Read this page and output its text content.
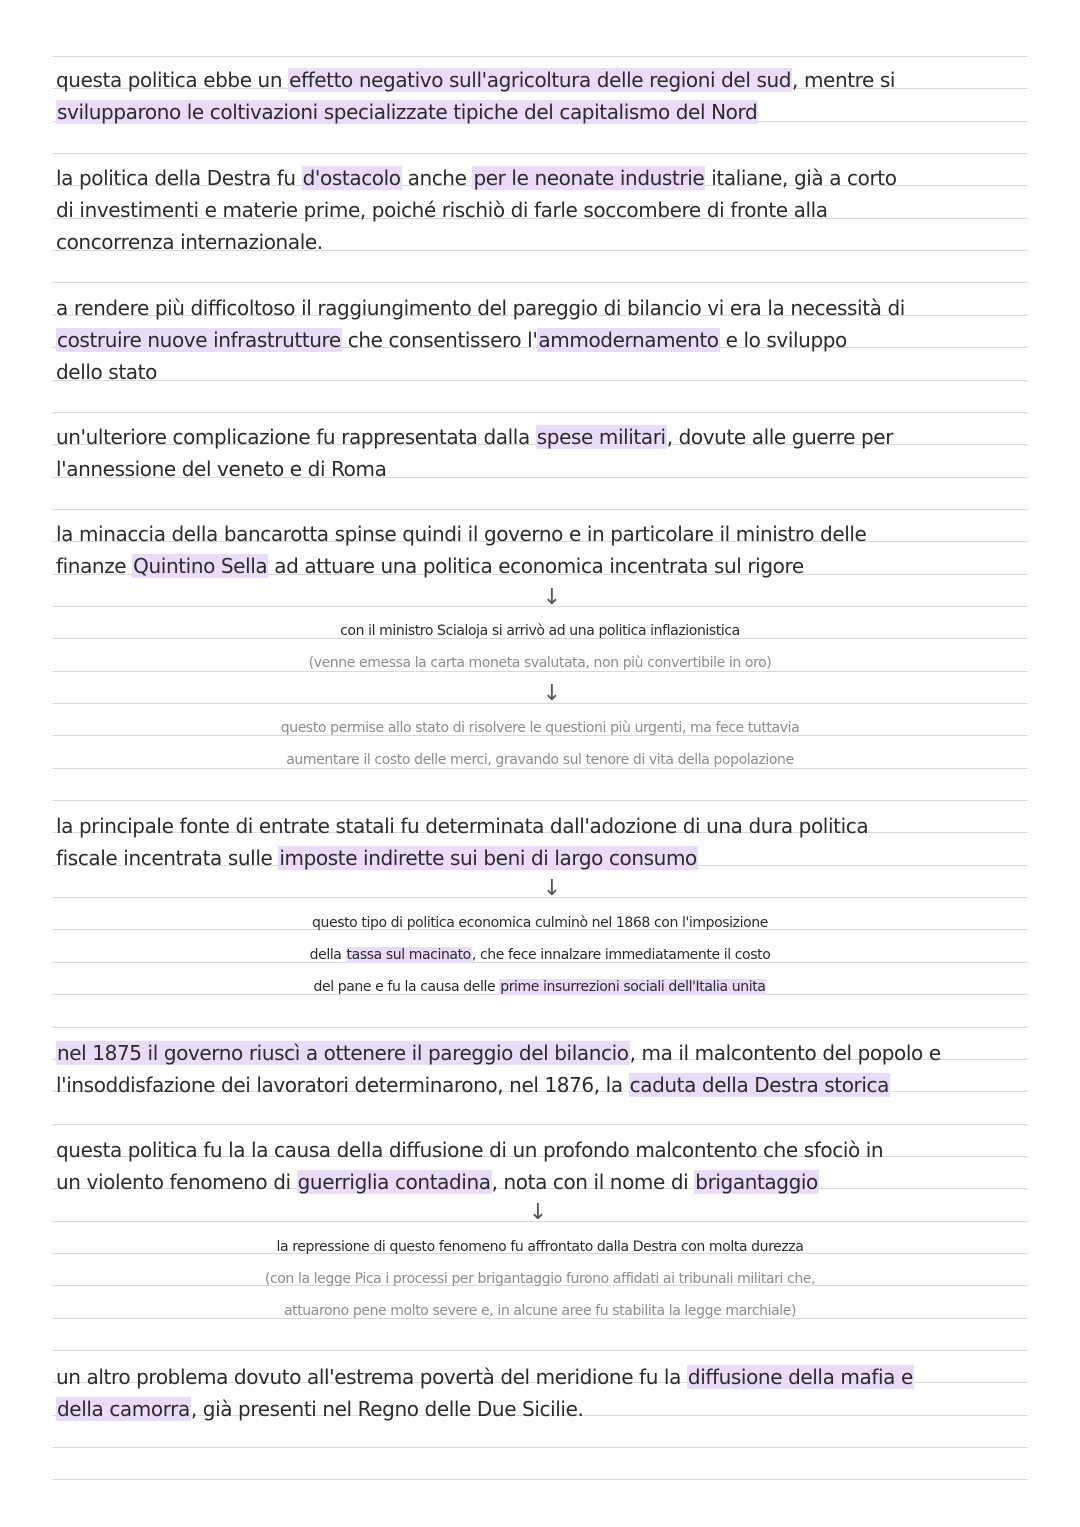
questa politica ebbe un effetto negativo sull'agricoltura delle regioni del sud, mentre si
svilupparono le coltivazioni specializzate tipiche del capitalismo del Nord
la politica della Destra fu d'ostacolo anche per le neonate industrie italiane, già a corto
di investimenti e materie prime, poiché rischiò di farle soccombere di fronte alla
concorrenza internazionale.
a rendere più difficoltoso il raggiungimento del pareggio di bilancio vi era la necessità di
costruire nuove infrastrutture che consentissero l'ammodernamento e lo sviluppo
dello stato
un'ulteriore complicazione fu rappresentata dalla spese militari, dovute alle guerre per
l'annessione del veneto e di Roma
la minaccia della bancarotta spinse quindi il governo e in particolare il ministro delle
finanze Quintino Sella ad attuare una politica economica incentrata sul rigore
↓
con il ministro Scialoja si arrivò ad una politica inflazionistica
(venne emessa la carta moneta svalutata, non più convertibile in oro)
↓
questo permise allo stato di risolvere le questioni più urgenti, ma fece tuttavia
aumentare il costo delle merci, gravando sul tenore di vita della popolazione
la principale fonte di entrate statali fu determinata dall'adozione di una dura politica
fiscale incentrata sulle imposte indirette sui beni di largo consumo
↓
questo tipo di politica economica culminò nel 1868 con l'imposizione
della tassa sul macinato, che fece innalzare immediatamente il costo
del pane e fu la causa delle prime insurrezioni sociali dell'Italia unita
nel 1875 il governo riuscì a ottenere il pareggio del bilancio, ma il malcontento del popolo e
l'insoddisfazione dei lavoratori determinarono, nel 1876, la caduta della Destra storica
questa politica fu la la causa della diffusione di un profondo malcontento che sfociò in
un violento fenomeno di guerriglia contadina, nota con il nome di brigantaggio
↓
la repressione di questo fenomeno fu affrontato dalla Destra con molta durezza
(con la legge Pica i processi per brigantaggio furono affidati ai tribunali militari che,
attuarono pene molto severe e, in alcune aree fu stabilita la legge marchiale)
un altro problema dovuto all'estrema povertà del meridione fu la diffusione della mafia e
della camorra, già presenti nel Regno delle Due Sicilie.
